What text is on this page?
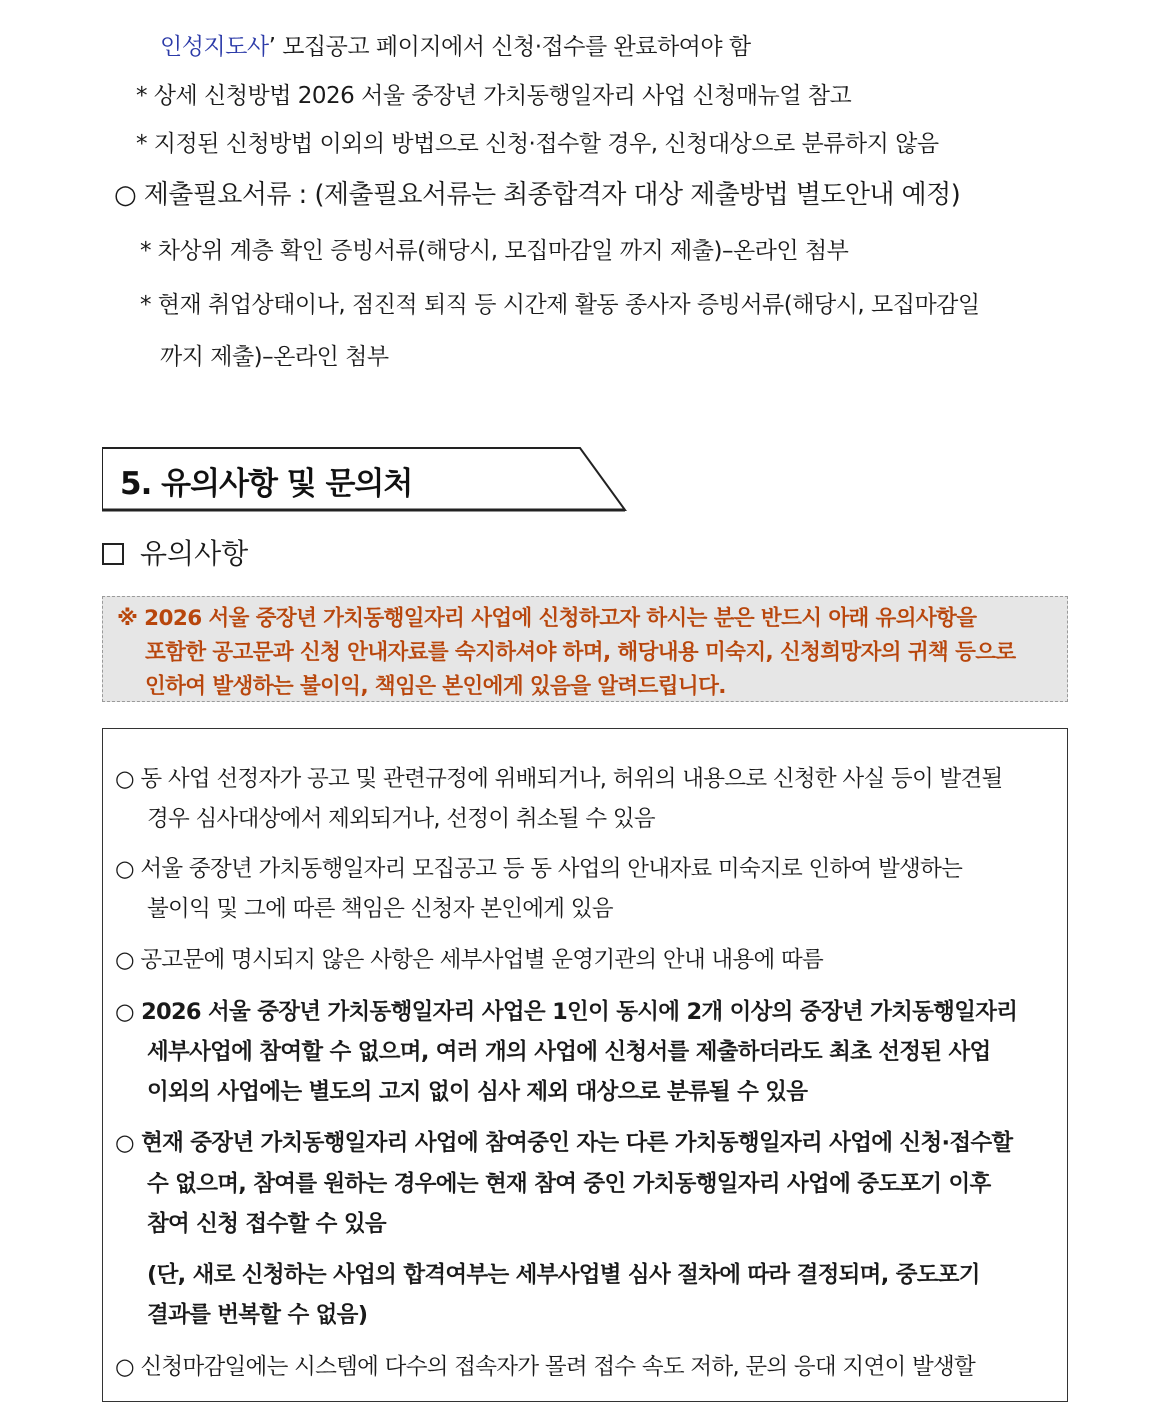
인성지도사’ 모집공고 페이지에서 신청·접수를 완료하여야 함
* 상세 신청방법 2026 서울 중장년 가치동행일자리 사업 신청매뉴얼 참고
* 지정된 신청방법 이외의 방법으로 신청·접수할 경우, 신청대상으로 분류하지 않음
○ 제출필요서류 : (제출필요서류는 최종합격자 대상 제출방법 별도안내 예정)
* 차상위 계층 확인 증빙서류(해당시, 모집마감일 까지 제출)–온라인 첨부
* 현재 취업상태이나, 점진적 퇴직 등 시간제 활동 종사자 증빙서류(해당시, 모집마감일
까지 제출)–온라인 첨부
5. 유의사항 및 문의처
유의사항
※ 2026 서울 중장년 가치동행일자리 사업에 신청하고자 하시는 분은 반드시 아래 유의사항을
포함한 공고문과 신청 안내자료를 숙지하셔야 하며, 해당내용 미숙지, 신청희망자의 귀책 등으로
인하여 발생하는 불이익, 책임은 본인에게 있음을 알려드립니다.
○ 동 사업 선정자가 공고 및 관련규정에 위배되거나, 허위의 내용으로 신청한 사실 등이 발견될
경우 심사대상에서 제외되거나, 선정이 취소될 수 있음
○ 서울 중장년 가치동행일자리 모집공고 등 동 사업의 안내자료 미숙지로 인하여 발생하는
불이익 및 그에 따른 책임은 신청자 본인에게 있음
○ 공고문에 명시되지 않은 사항은 세부사업별 운영기관의 안내 내용에 따름
○ 2026 서울 중장년 가치동행일자리 사업은 1인이 동시에 2개 이상의 중장년 가치동행일자리
세부사업에 참여할 수 없으며, 여러 개의 사업에 신청서를 제출하더라도 최초 선정된 사업
이외의 사업에는 별도의 고지 없이 심사 제외 대상으로 분류될 수 있음
○ 현재 중장년 가치동행일자리 사업에 참여중인 자는 다른 가치동행일자리 사업에 신청·접수할
수 없으며, 참여를 원하는 경우에는 현재 참여 중인 가치동행일자리 사업에 중도포기 이후
참여 신청 접수할 수 있음
(단, 새로 신청하는 사업의 합격여부는 세부사업별 심사 절차에 따라 결정되며, 중도포기
결과를 번복할 수 없음)
○ 신청마감일에는 시스템에 다수의 접속자가 몰려 접수 속도 저하, 문의 응대 지연이 발생할
